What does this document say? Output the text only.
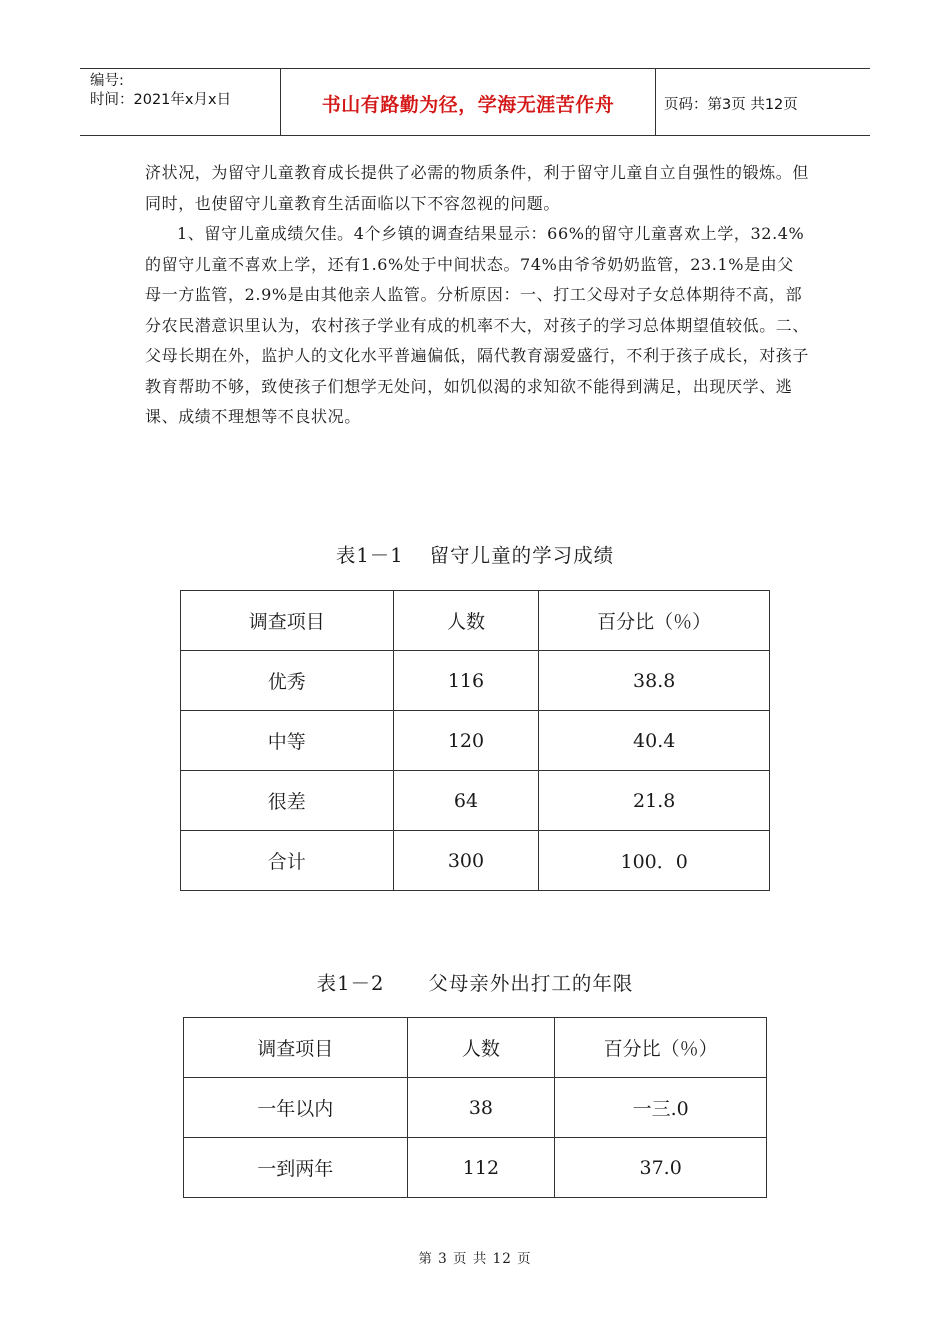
编号:
时间：2021年x月x日	书山有路勤为径，学海无涯苦作舟	页码：第3页 共12页

济状况，为留守儿童教育成长提供了必需的物质条件，利于留守儿童自立自强性的锻炼。但同时，也使留守儿童教育生活面临以下不容忽视的问题。

1、留守儿童成绩欠佳。4个乡镇的调查结果显示：66%的留守儿童喜欢上学，32.4% 的留守儿童不喜欢上学，还有1.6%处于中间状态。74%由爷爷奶奶监管，23.1%是由父母一方监管，2.9%是由其他亲人监管。分析原因：一、打工父母对子女总体期待不高，部分农民潜意识里认为，农村孩子学业有成的机率不大，对孩子的学习总体期望值较低。二、父母长期在外，监护人的文化水平普遍偏低，隔代教育溺爱盛行，不利于孩子成长，对孩子教育帮助不够，致使孩子们想学无处问，如饥似渴的求知欲不能得到满足，出现厌学、逃课、成绩不理想等不良状况。

表1－1 留守儿童的学习成绩
调查项目	人数	百分比（％）
优秀	116	38.8
中等	120	40.4
很差	64	21.8
合计	300	100．0
表1－2 父母亲外出打工的年限
调查项目	人数	百分比（％）
一年以内	38	一三.0
一到两年	112	37.0
第 3 页 共 12 页
